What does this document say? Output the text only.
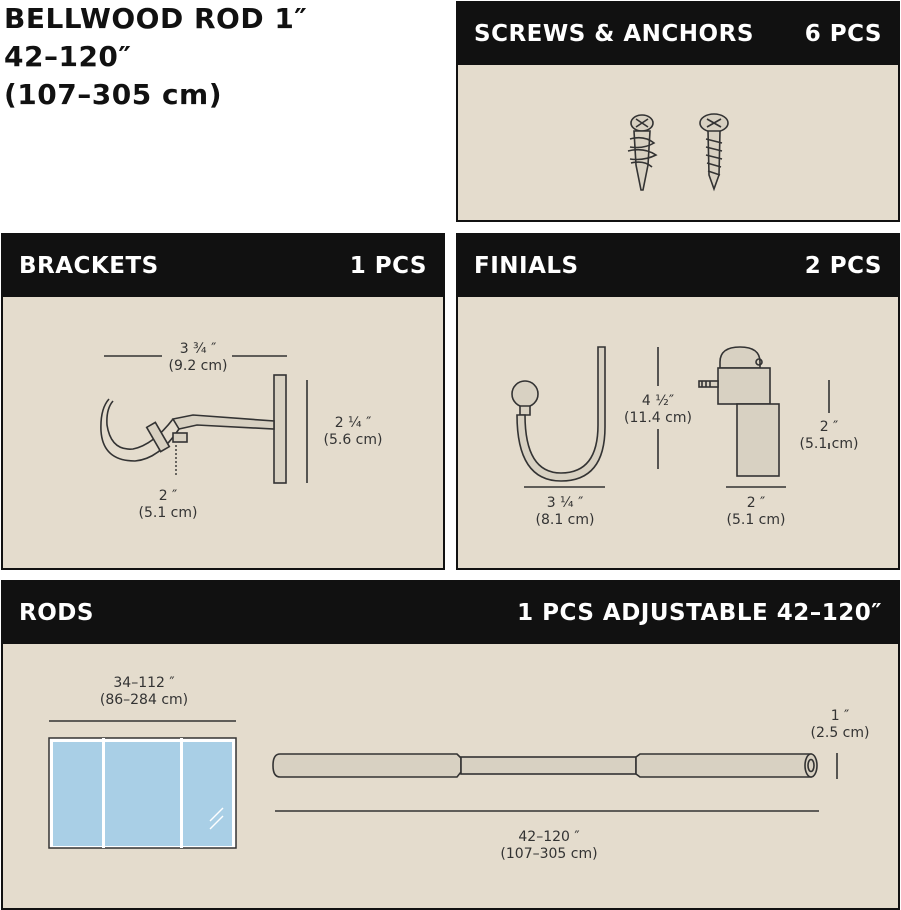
BELLWOOD ROD 1″
42–120″
(107–305 cm)
SCREWS & ANCHORS 6 PCS
BRACKETS	1 PCS
3 ¾ ″
(9.2 cm)
2 ¼ ″
(5.6 cm)
2 ″
(5.1 cm)
FINIALS	2 PCS
4 ½″
(11.4 cm)
3 ¼ ″
(8.1 cm)
2 ″
(5.1 cm)
2 ″
(5.1 cm)
RODS	1 PCS ADJUSTABLE 42–120″
34–112 ″
(86–284 cm)
1 ″
(2.5 cm)
42–120 ″
(107–305 cm)
